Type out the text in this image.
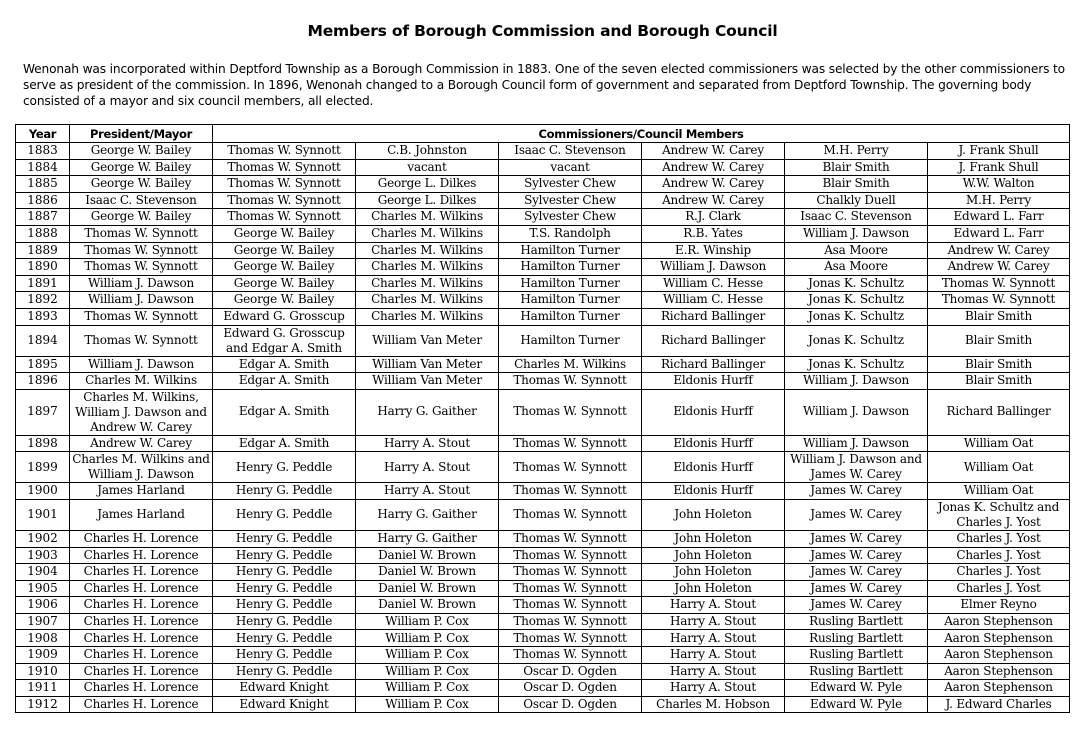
Members of Borough Commission and Borough Council
Wenonah was incorporated within Deptford Township as a Borough Commission in 1883. One of the seven elected commissioners was selected by the other commissioners to
serve as president of the commission. In 1896, Wenonah changed to a Borough Council form of government and separated from Deptford Township. The governing body
consisted of a mayor and six council members, all elected.
Year	President/Mayor	Commissioners/Council Members					
1883	George W. Bailey	Thomas W. Synnott	C.B. Johnston	Isaac C. Stevenson	Andrew W. Carey	M.H. Perry	J. Frank Shull
1884	George W. Bailey	Thomas W. Synnott	vacant	vacant	Andrew W. Carey	Blair Smith	J. Frank Shull
1885	George W. Bailey	Thomas W. Synnott	George L. Dilkes	Sylvester Chew	Andrew W. Carey	Blair Smith	W.W. Walton
1886	Isaac C. Stevenson	Thomas W. Synnott	George L. Dilkes	Sylvester Chew	Andrew W. Carey	Chalkly Duell	M.H. Perry
1887	George W. Bailey	Thomas W. Synnott	Charles M. Wilkins	Sylvester Chew	R.J. Clark	Isaac C. Stevenson	Edward L. Farr
1888	Thomas W. Synnott	George W. Bailey	Charles M. Wilkins	T.S. Randolph	R.B. Yates	William J. Dawson	Edward L. Farr
1889	Thomas W. Synnott	George W. Bailey	Charles M. Wilkins	Hamilton Turner	E.R. Winship	Asa Moore	Andrew W. Carey
1890	Thomas W. Synnott	George W. Bailey	Charles M. Wilkins	Hamilton Turner	William J. Dawson	Asa Moore	Andrew W. Carey
1891	William J. Dawson	George W. Bailey	Charles M. Wilkins	Hamilton Turner	William C. Hesse	Jonas K. Schultz	Thomas W. Synnott
1892	William J. Dawson	George W. Bailey	Charles M. Wilkins	Hamilton Turner	William C. Hesse	Jonas K. Schultz	Thomas W. Synnott
1893	Thomas W. Synnott	Edward G. Grosscup	Charles M. Wilkins	Hamilton Turner	Richard Ballinger	Jonas K. Schultz	Blair Smith
1894	Thomas W. Synnott	Edward G. Grosscup and Edgar A. Smith	William Van Meter	Hamilton Turner	Richard Ballinger	Jonas K. Schultz	Blair Smith
1895	William J. Dawson	Edgar A. Smith	William Van Meter	Charles M. Wilkins	Richard Ballinger	Jonas K. Schultz	Blair Smith
1896	Charles M. Wilkins	Edgar A. Smith	William Van Meter	Thomas W. Synnott	Eldonis Hurff	William J. Dawson	Blair Smith
1897	Charles M. Wilkins, William J. Dawson and Andrew W. Carey	Edgar A. Smith	Harry G. Gaither	Thomas W. Synnott	Eldonis Hurff	William J. Dawson	Richard Ballinger
1898	Andrew W. Carey	Edgar A. Smith	Harry A. Stout	Thomas W. Synnott	Eldonis Hurff	William J. Dawson	William Oat
1899	Charles M. Wilkins and William J. Dawson	Henry G. Peddle	Harry A. Stout	Thomas W. Synnott	Eldonis Hurff	William J. Dawson and James W. Carey	William Oat
1900	James Harland	Henry G. Peddle	Harry A. Stout	Thomas W. Synnott	Eldonis Hurff	James W. Carey	William Oat
1901	James Harland	Henry G. Peddle	Harry G. Gaither	Thomas W. Synnott	John Holeton	James W. Carey	Jonas K. Schultz and Charles J. Yost
1902	Charles H. Lorence	Henry G. Peddle	Harry G. Gaither	Thomas W. Synnott	John Holeton	James W. Carey	Charles J. Yost
1903	Charles H. Lorence	Henry G. Peddle	Daniel W. Brown	Thomas W. Synnott	John Holeton	James W. Carey	Charles J. Yost
1904	Charles H. Lorence	Henry G. Peddle	Daniel W. Brown	Thomas W. Synnott	John Holeton	James W. Carey	Charles J. Yost
1905	Charles H. Lorence	Henry G. Peddle	Daniel W. Brown	Thomas W. Synnott	John Holeton	James W. Carey	Charles J. Yost
1906	Charles H. Lorence	Henry G. Peddle	Daniel W. Brown	Thomas W. Synnott	Harry A. Stout	James W. Carey	Elmer Reyno
1907	Charles H. Lorence	Henry G. Peddle	William P. Cox	Thomas W. Synnott	Harry A. Stout	Rusling Bartlett	Aaron Stephenson
1908	Charles H. Lorence	Henry G. Peddle	William P. Cox	Thomas W. Synnott	Harry A. Stout	Rusling Bartlett	Aaron Stephenson
1909	Charles H. Lorence	Henry G. Peddle	William P. Cox	Thomas W. Synnott	Harry A. Stout	Rusling Bartlett	Aaron Stephenson
1910	Charles H. Lorence	Henry G. Peddle	William P. Cox	Oscar D. Ogden	Harry A. Stout	Rusling Bartlett	Aaron Stephenson
1911	Charles H. Lorence	Edward Knight	William P. Cox	Oscar D. Ogden	Harry A. Stout	Edward W. Pyle	Aaron Stephenson
1912	Charles H. Lorence	Edward Knight	William P. Cox	Oscar D. Ogden	Charles M. Hobson	Edward W. Pyle	J. Edward Charles
